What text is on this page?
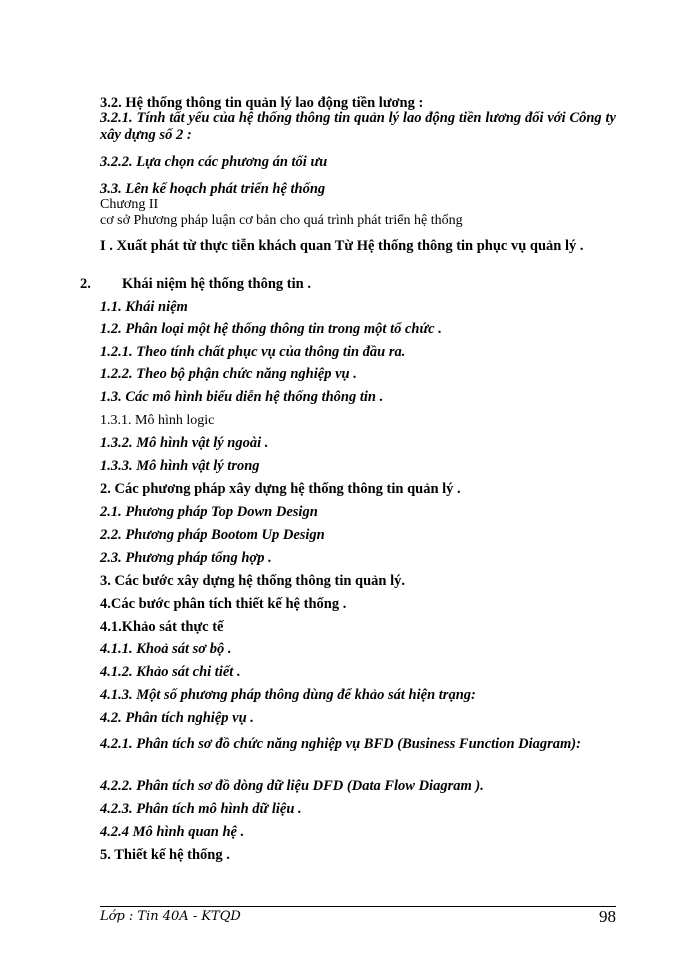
3.2. Hệ thống thông tin quản lý lao động tiền lương :
3.2.1. Tính tất yếu của hệ thống thông tin quản lý lao động tiền lương đối với Công ty xây dựng số 2 :
3.2.2. Lựa chọn các phương án tối ưu
3.3. Lên kế hoạch phát triển hệ thống
Chương II
cơ sở Phương pháp luận cơ bản cho quá trình phát triển hệ thống
I . Xuất phát từ thực tiễn khách quan Từ Hệ thống thông tin phục vụ quản lý .
2. Khái niệm hệ thống thông tin .
1.1. Khái niệm
1.2. Phân loại một hệ thống thông tin trong một tổ chức .
1.2.1. Theo tính chất phục vụ của thông tin đầu ra.
1.2.2. Theo bộ phận chức năng nghiệp vụ .
1.3. Các mô hình biểu diễn hệ thống thông tin .
1.3.1. Mô hình logic
1.3.2. Mô hình vật lý ngoài .
1.3.3. Mô hình vật lý trong
2. Các phương pháp xây dựng hệ thống thông tin quản lý .
2.1. Phương pháp Top Down Design
2.2. Phương pháp Bootom Up Design
2.3. Phương pháp tổng hợp .
3. Các bước xây dựng hệ thống thông tin quản lý.
4.Các bước phân tích thiết kế hệ thống .
4.1.Khảo sát thực tế
4.1.1. Khoả sát sơ bộ .
4.1.2. Khảo sát chi tiết .
4.1.3. Một số phương pháp thông dùng để khảo sát hiện trạng:
4.2. Phân tích nghiệp vụ .
4.2.1. Phân tích sơ đồ chức năng nghiệp vụ BFD (Business Function Diagram):
4.2.2. Phân tích sơ đồ dòng dữ liệu DFD (Data Flow Diagram ).
4.2.3. Phân tích mô hình dữ liệu .
4.2.4 Mô hình quan hệ .
5. Thiết kế hệ thống .
Lớp : Tin 40A - KTQD	98
